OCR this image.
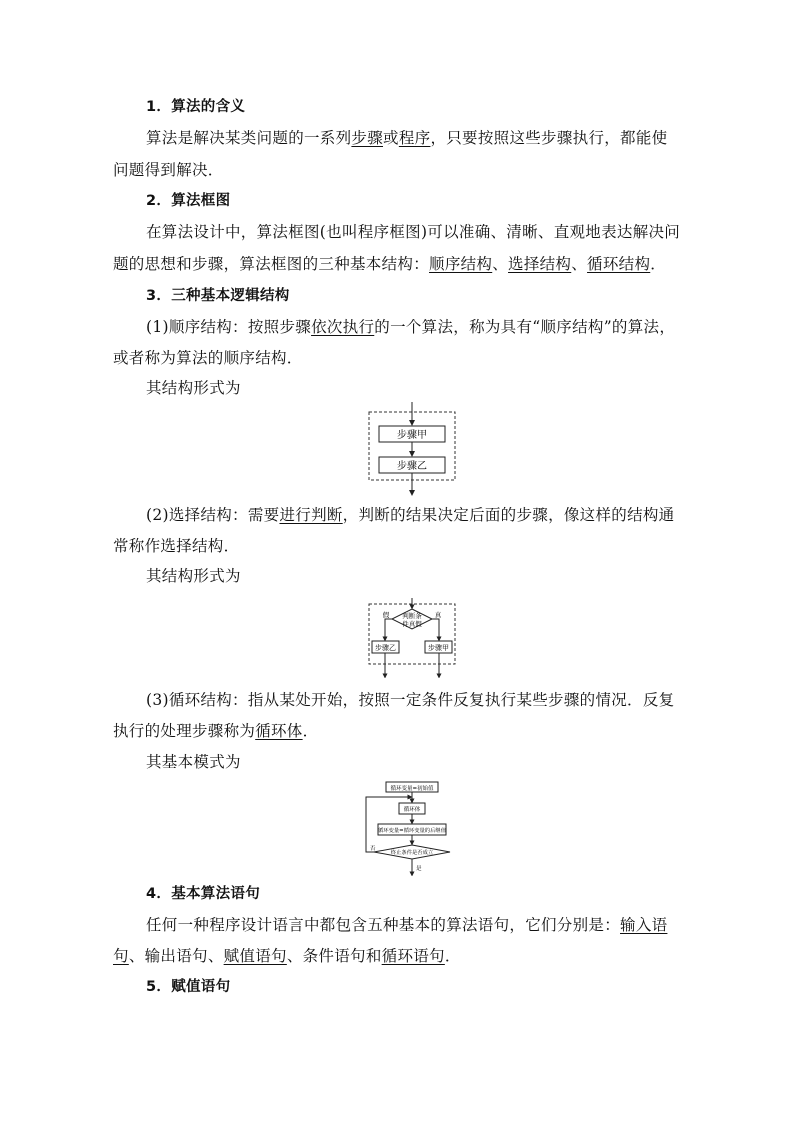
1．算法的含义
算法是解决某类问题的一系列步骤或程序，只要按照这些步骤执行，都能使
问题得到解决．
2．算法框图
在算法设计中，算法框图(也叫程序框图)可以准确、清晰、直观地表达解决问
题的思想和步骤，算法框图的三种基本结构：顺序结构、选择结构、循环结构．
3．三种基本逻辑结构
(1)顺序结构：按照步骤依次执行的一个算法，称为具有“顺序结构”的算法，
或者称为算法的顺序结构．
其结构形式为
步骤甲
步骤乙
(2)选择结构：需要进行判断，判断的结果决定后面的步骤，像这样的结构通
常称作选择结构．
其结构形式为
判断条
件真假
假	真
步骤乙	步骤甲
(3)循环结构：指从某处开始，按照一定条件反复执行某些步骤的情况．反复
执行的处理步骤称为循环体．
其基本模式为
循环变量=初始值
循环体
循环变量=循环变量的后继值
终止条件是否成立
否
是
4．基本算法语句
任何一种程序设计语言中都包含五种基本的算法语句，它们分别是：输入语
句、输出语句、赋值语句、条件语句和循环语句．
5．赋值语句
